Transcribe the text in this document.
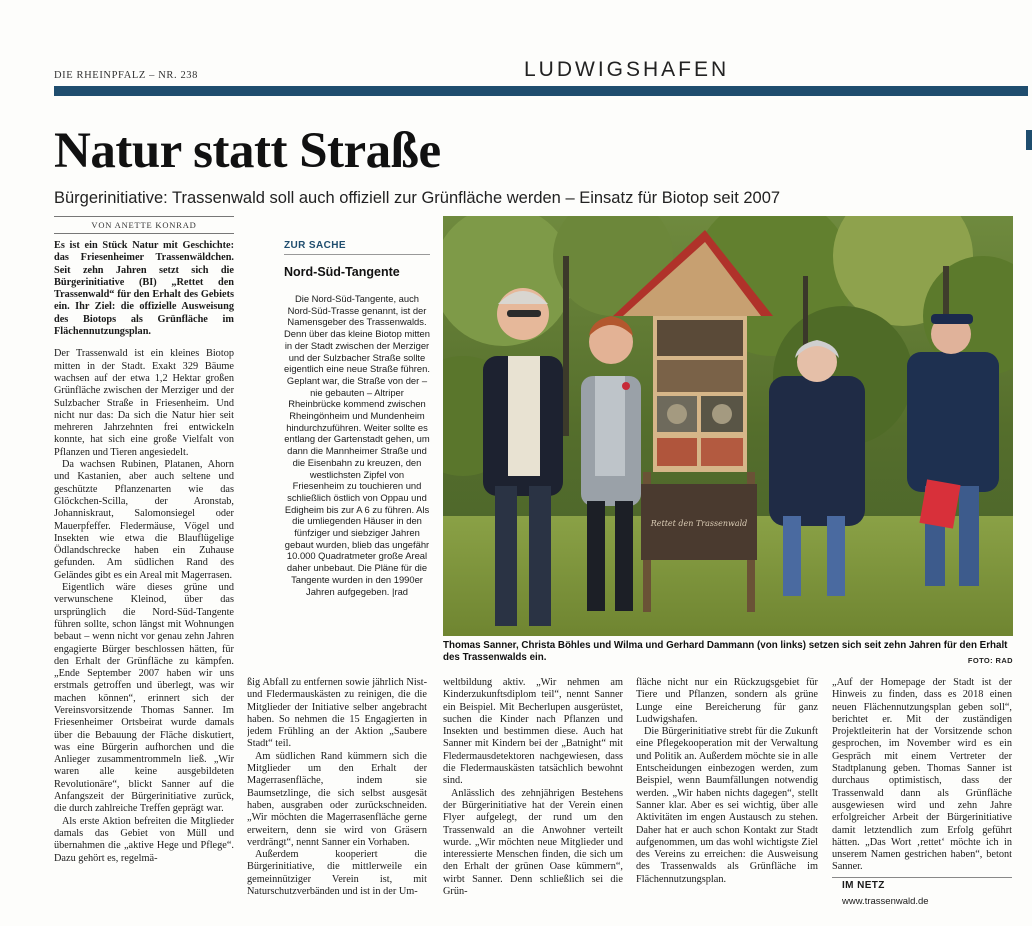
DIE RHEINPFALZ – NR. 238	LUDWIGSHAFEN
Natur statt Straße
Bürgerinitiative: Trassenwald soll auch offiziell zur Grünfläche werden – Einsatz für Biotop seit 2007
VON ANETTE KONRAD

Es ist ein Stück Natur mit Geschichte: das Friesenheimer Trassenwäldchen. Seit zehn Jahren setzt sich die Bürgerinitiative (BI) „Rettet den Trassenwald“ für den Erhalt des Gebiets ein. Ihr Ziel: die offizielle Ausweisung des Biotops als Grünfläche im Flächennutzungsplan.

Der Trassenwald ist ein kleines Biotop mitten in der Stadt. Exakt 329 Bäume wachsen auf der etwa 1,2 Hektar großen Grünfläche zwischen der Merziger und der Sulzbacher Straße in Friesenheim. Und nicht nur das: Da sich die Natur hier seit mehreren Jahrzehnten frei entwickeln konnte, hat sich eine große Vielfalt von Pflanzen und Tieren angesiedelt.

Da wachsen Rubinen, Platanen, Ahorn und Kastanien, aber auch seltene und geschützte Pflanzenarten wie das Glöckchen-Scilla, der Aronstab, Johanniskraut, Salomonsiegel oder Mauerpfeffer. Fledermäuse, Vögel und Insekten wie etwa die Blauflügelige Ödlandschrecke haben ein Zuhause gefunden. Am südlichen Rand des Geländes gibt es ein Areal mit Magerrasen.

Eigentlich wäre dieses grüne und verwunschene Kleinod, über das ursprünglich die Nord-Süd-Tangente führen sollte, schon längst mit Wohnungen bebaut – wenn nicht vor genau zehn Jahren engagierte Bürger beschlossen hätten, für den Erhalt der Grünfläche zu kämpfen. „Ende September 2007 haben wir uns erstmals getroffen und überlegt, was wir machen können“, erinnert sich der Vereinsvorsitzende Thomas Sanner. Im Friesenheimer Ortsbeirat wurde damals über die Bebauung der Fläche diskutiert, was eine Bürgerin aufhorchen und die Anlieger zusammentrommeln ließ. „Wir waren alle keine ausgebildeten Revolutionäre“, blickt Sanner auf die Anfangszeit der Bürgerinitiative zurück, die durch zahlreiche Treffen geprägt war.

Als erste Aktion befreiten die Mitglieder damals das Gebiet von Müll und übernahmen die „aktive Hege und Pflege“. Dazu gehört es, regelmä-

ZUR SACHE
Nord-Süd-Tangente
Die Nord-Süd-Tangente, auch Nord-Süd-Trasse genannt, ist der Namensgeber des Trassenwalds. Denn über das kleine Biotop mitten in der Stadt zwischen der Merziger und der Sulzbacher Straße sollte eigentlich eine neue Straße führen. Geplant war, die Straße von der – nie gebauten – Altriper Rheinbrücke kommend zwischen Rheingönheim und Mundenheim hindurchzuführen. Weiter sollte es entlang der Gartenstadt gehen, um dann die Mannheimer Straße und die Eisenbahn zu kreuzen, den westlichsten Zipfel von Friesenheim zu touchieren und schließlich östlich von Oppau und Edigheim bis zur A 6 zu führen. Als die umliegenden Häuser in den fünfziger und siebziger Jahren gebaut wurden, blieb das ungefähr 10.000 Quadratmeter große Areal daher unbebaut. Die Pläne für die Tangente wurden in den 1990er Jahren aufgegeben. |rad
Rettet den Trassenwald
Thomas Sanner, Christa Böhles und Wilma und Gerhard Dammann (von links) setzen sich seit zehn Jahren für den Erhalt des Trassenwalds ein.	FOTO: RAD

ßig Abfall zu entfernen sowie jährlich Nist- und Fledermauskästen zu reinigen, die die Mitglieder der Initiative selber angebracht haben. So nehmen die 15 Engagierten in jedem Frühling an der Aktion „Saubere Stadt“ teil.

Am südlichen Rand kümmern sich die Mitglieder um den Erhalt der Magerrasenfläche, indem sie Baumsetzlinge, die sich selbst ausgesät haben, ausgraben oder zurückschneiden. „Wir möchten die Magerrasenfläche gerne erweitern, denn sie wird von Gräsern verdrängt“, nennt Sanner ein Vorhaben.

Außerdem kooperiert die Bürgerinitiative, die mittlerweile ein gemeinnütziger Verein ist, mit Naturschutzverbänden und ist in der Um-

weltbildung aktiv. „Wir nehmen am Kinderzukunftsdiplom teil“, nennt Sanner ein Beispiel. Mit Becherlupen ausgerüstet, suchen die Kinder nach Pflanzen und Insekten und bestimmen diese. Auch hat Sanner mit Kindern bei der „Batnight“ mit Fledermausdetektoren nachgewiesen, dass die Fledermauskästen tatsächlich bewohnt sind.

Anlässlich des zehnjährigen Bestehens der Bürgerinitiative hat der Verein einen Flyer aufgelegt, der rund um den Trassenwald an die Anwohner verteilt wurde. „Wir möchten neue Mitglieder und interessierte Menschen finden, die sich um den Erhalt der grünen Oase kümmern“, wirbt Sanner. Denn schließlich sei die Grün-

fläche nicht nur ein Rückzugsgebiet für Tiere und Pflanzen, sondern als grüne Lunge eine Bereicherung für ganz Ludwigshafen.

Die Bürgerinitiative strebt für die Zukunft eine Pflegekooperation mit der Verwaltung und Politik an. Außerdem möchte sie in alle Entscheidungen einbezogen werden, zum Beispiel, wenn Baumfällungen notwendig werden. „Wir haben nichts dagegen“, stellt Sanner klar. Aber es sei wichtig, über alle Aktivitäten im engen Austausch zu stehen. Daher hat er auch schon Kontakt zur Stadt aufgenommen, um das wohl wichtigste Ziel des Vereins zu erreichen: die Ausweisung des Trassenwalds als Grünfläche im Flächennutzungsplan.

„Auf der Homepage der Stadt ist der Hinweis zu finden, dass es 2018 einen neuen Flächennutzungsplan geben soll“, berichtet er. Mit der zuständigen Projektleiterin hat der Vorsitzende schon gesprochen, im November wird es ein Gespräch mit einem Vertreter der Stadtplanung geben. Thomas Sanner ist durchaus optimistisch, dass der Trassenwald dann als Grünfläche ausgewiesen wird und zehn Jahre erfolgreicher Arbeit der Bürgerinitiative damit letztendlich zum Erfolg geführt hätten. „Das Wort ‚rettet‘ möchte ich in unserem Namen gestrichen haben“, betont Sanner.

IM NETZ
www.trassenwald.de
